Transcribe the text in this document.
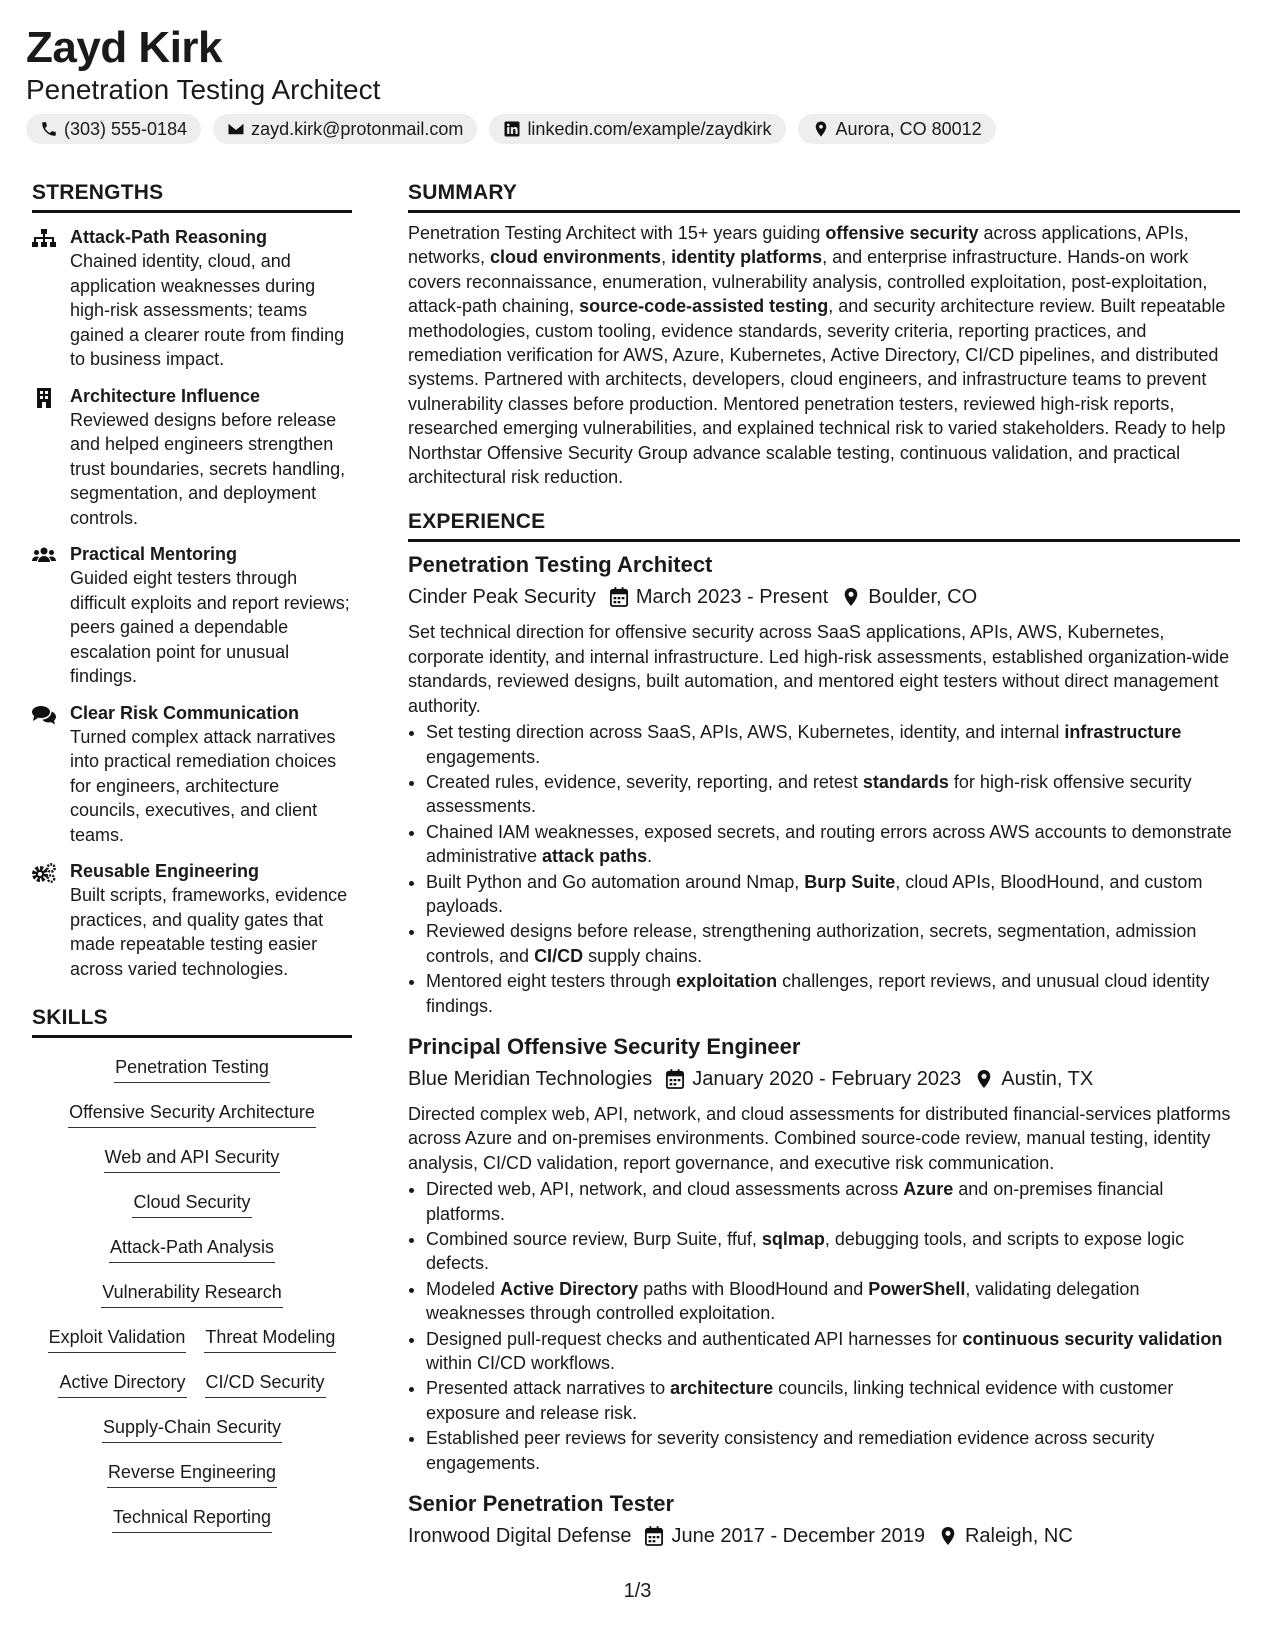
Zayd Kirk
Penetration Testing Architect
(303) 555-0184	zayd.kirk@protonmail.com	linkedin.com/example/zaydkirk	Aurora, CO 80012
STRENGTHS
Attack-Path Reasoning
Chained identity, cloud, and application weaknesses during high-risk assessments; teams gained a clearer route from finding to business impact.
Architecture Influence
Reviewed designs before release and helped engineers strengthen trust boundaries, secrets handling, segmentation, and deployment controls.
Practical Mentoring
Guided eight testers through difficult exploits and report reviews; peers gained a dependable escalation point for unusual findings.
Clear Risk Communication
Turned complex attack narratives into practical remediation choices for engineers, architecture councils, executives, and client teams.
Reusable Engineering
Built scripts, frameworks, evidence practices, and quality gates that made repeatable testing easier across varied technologies.
SKILLS
Penetration Testing
Offensive Security Architecture
Web and API Security
Cloud Security
Attack-Path Analysis
Vulnerability Research
Exploit Validation Threat Modeling
Active Directory CI/CD Security
Supply-Chain Security
Reverse Engineering
Technical Reporting
SUMMARY
Penetration Testing Architect with 15+ years guiding offensive security across applications, APIs, networks, cloud environments, identity platforms, and enterprise infrastructure. Hands-on work covers reconnaissance, enumeration, vulnerability analysis, controlled exploitation, post-exploitation, attack-path chaining, source-code-assisted testing, and security architecture review. Built repeatable methodologies, custom tooling, evidence standards, severity criteria, reporting practices, and remediation verification for AWS, Azure, Kubernetes, Active Directory, CI/CD pipelines, and distributed systems. Partnered with architects, developers, cloud engineers, and infrastructure teams to prevent vulnerability classes before production. Mentored penetration testers, reviewed high-risk reports, researched emerging vulnerabilities, and explained technical risk to varied stakeholders. Ready to help Northstar Offensive Security Group advance scalable testing, continuous validation, and practical architectural risk reduction.
EXPERIENCE
Penetration Testing Architect
Cinder Peak Security March 2023 - Present Boulder, CO
Set technical direction for offensive security across SaaS applications, APIs, AWS, Kubernetes, corporate identity, and internal infrastructure. Led high-risk assessments, established organization-wide standards, reviewed designs, built automation, and mentored eight testers without direct management authority.
• Set testing direction across SaaS, APIs, AWS, Kubernetes, identity, and internal infrastructure engagements.
• Created rules, evidence, severity, reporting, and retest standards for high-risk offensive security assessments.
• Chained IAM weaknesses, exposed secrets, and routing errors across AWS accounts to demonstrate administrative attack paths.
• Built Python and Go automation around Nmap, Burp Suite, cloud APIs, BloodHound, and custom payloads.
• Reviewed designs before release, strengthening authorization, secrets, segmentation, admission controls, and CI/CD supply chains.
• Mentored eight testers through exploitation challenges, report reviews, and unusual cloud identity findings.
Principal Offensive Security Engineer
Blue Meridian Technologies January 2020 - February 2023 Austin, TX
Directed complex web, API, network, and cloud assessments for distributed financial-services platforms across Azure and on-premises environments. Combined source-code review, manual testing, identity analysis, CI/CD validation, report governance, and executive risk communication.
• Directed web, API, network, and cloud assessments across Azure and on-premises financial platforms.
• Combined source review, Burp Suite, ffuf, sqlmap, debugging tools, and scripts to expose logic defects.
• Modeled Active Directory paths with BloodHound and PowerShell, validating delegation weaknesses through controlled exploitation.
• Designed pull-request checks and authenticated API harnesses for continuous security validation within CI/CD workflows.
• Presented attack narratives to architecture councils, linking technical evidence with customer exposure and release risk.
• Established peer reviews for severity consistency and remediation evidence across security engagements.
Senior Penetration Tester
Ironwood Digital Defense June 2017 - December 2019 Raleigh, NC
1/3
